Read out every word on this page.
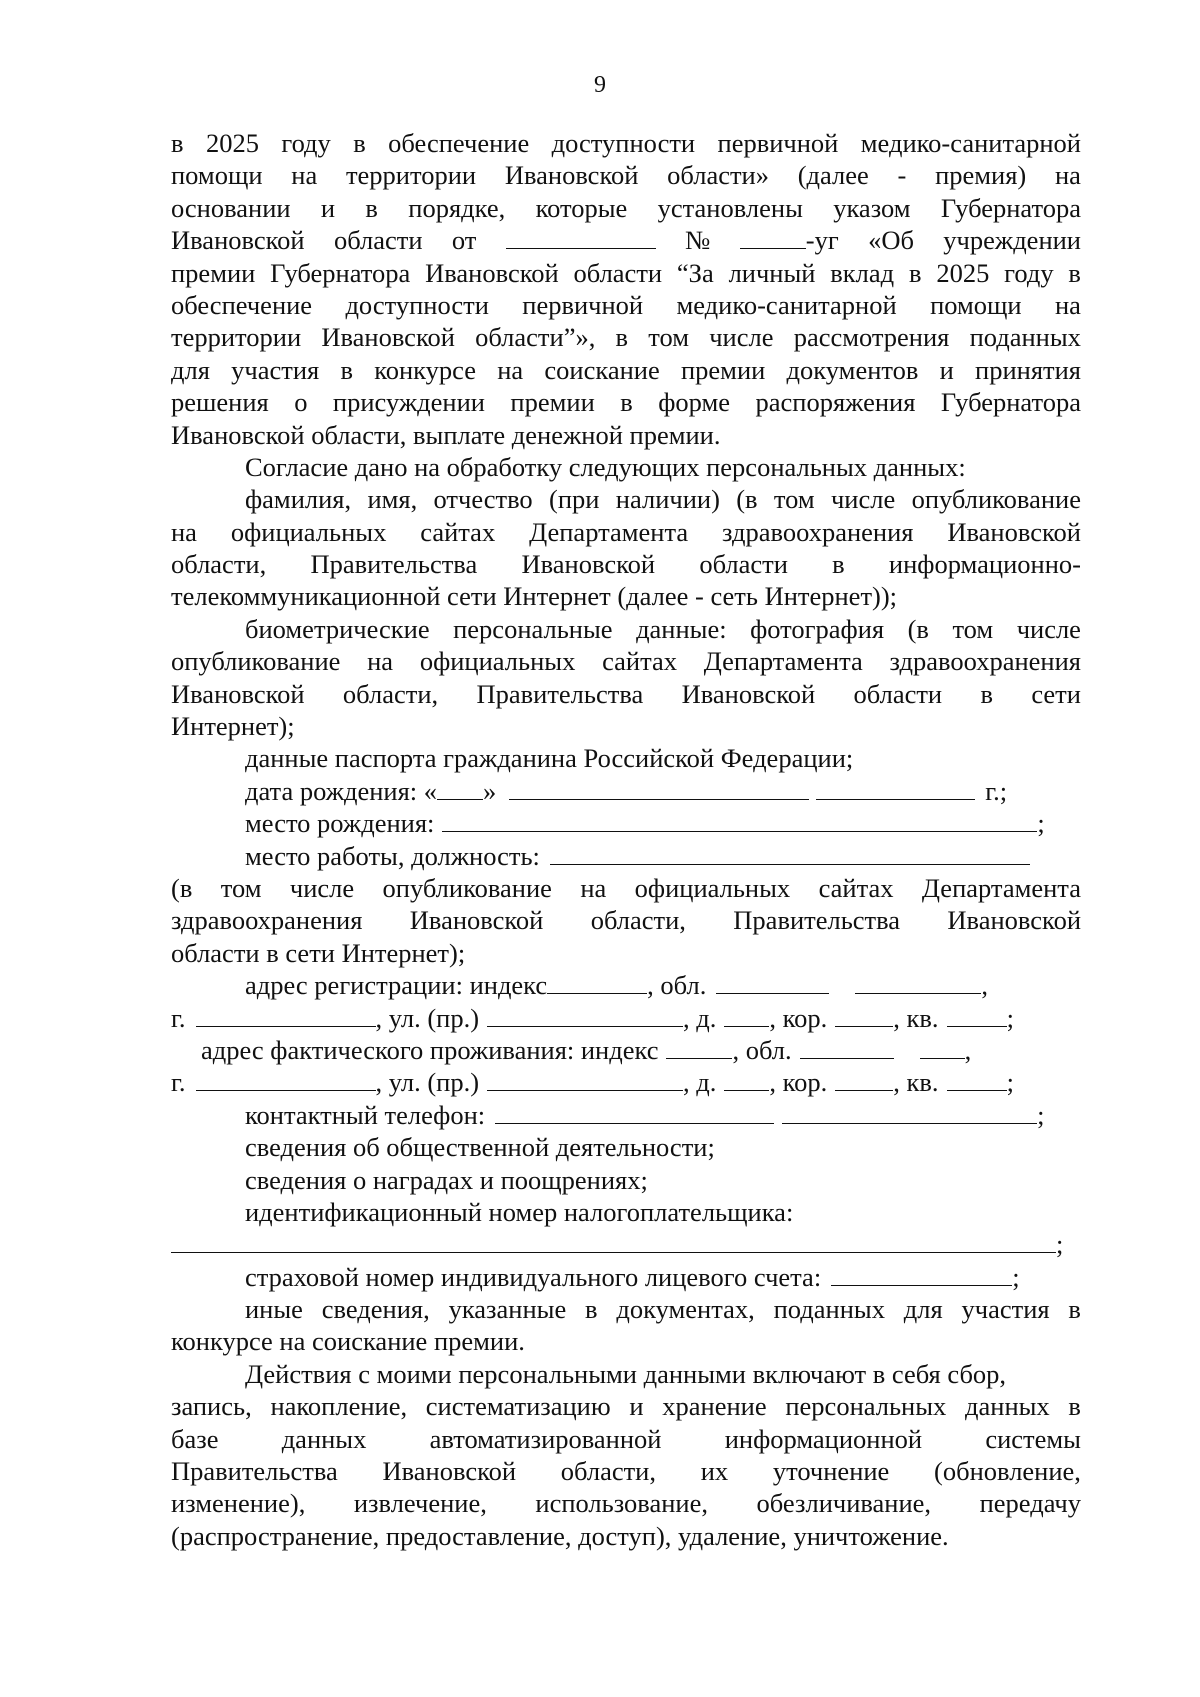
9
в 2025 году в обеспечение доступности первичной медико-санитарной
помощи на территории Ивановской области» (далее - премия) на
основании и в порядке, которые установлены указом Губернатора
Ивановской области от	№	-уг «Об учреждении
премии Губернатора Ивановской области “За личный вклад в 2025 году в
обеспечение доступности первичной медико-санитарной помощи на
территории Ивановской области”», в том числе рассмотрения поданных
для участия в конкурсе на соискание премии документов и принятия
решения о присуждении премии в форме распоряжения Губернатора
Ивановской области, выплате денежной премии.
Согласие дано на обработку следующих персональных данных:
фамилия, имя, отчество (при наличии) (в том числе опубликование
на официальных сайтах Департамента здравоохранения Ивановской
области, Правительства Ивановской области в информационно-
телекоммуникационной сети Интернет (далее - сеть Интернет));
биометрические персональные данные: фотография (в том числе
опубликование на официальных сайтах Департамента здравоохранения
Ивановской области, Правительства Ивановской области в сети
Интернет);
данные паспорта гражданина Российской Федерации;
дата рождения: « »	г.;
место рождения:	;
место работы, должность:
(в том числе опубликование на официальных сайтах Департамента
здравоохранения Ивановской области, Правительства Ивановской
области в сети Интернет);
адрес регистрации: индекс	, обл.	,
г.	, ул. (пр.)	, д. , кор. , кв.	;
адрес фактического проживания: индекс	, обл.	,
г.	, ул. (пр.)	, д. , кор. , кв.	;
контактный телефон:	;
сведения об общественной деятельности;
сведения о наградах и поощрениях;
идентификационный номер налогоплательщика:
;
страховой номер индивидуального лицевого счета:	;
иные сведения, указанные в документах, поданных для участия в
конкурсе на соискание премии.
Действия с моими персональными данными включают в себя сбор,
запись, накопление, систематизацию и хранение персональных данных в
базе данных автоматизированной информационной системы
Правительства Ивановской области, их уточнение (обновление,
изменение), извлечение, использование, обезличивание, передачу
(распространение, предоставление, доступ), удаление, уничтожение.
